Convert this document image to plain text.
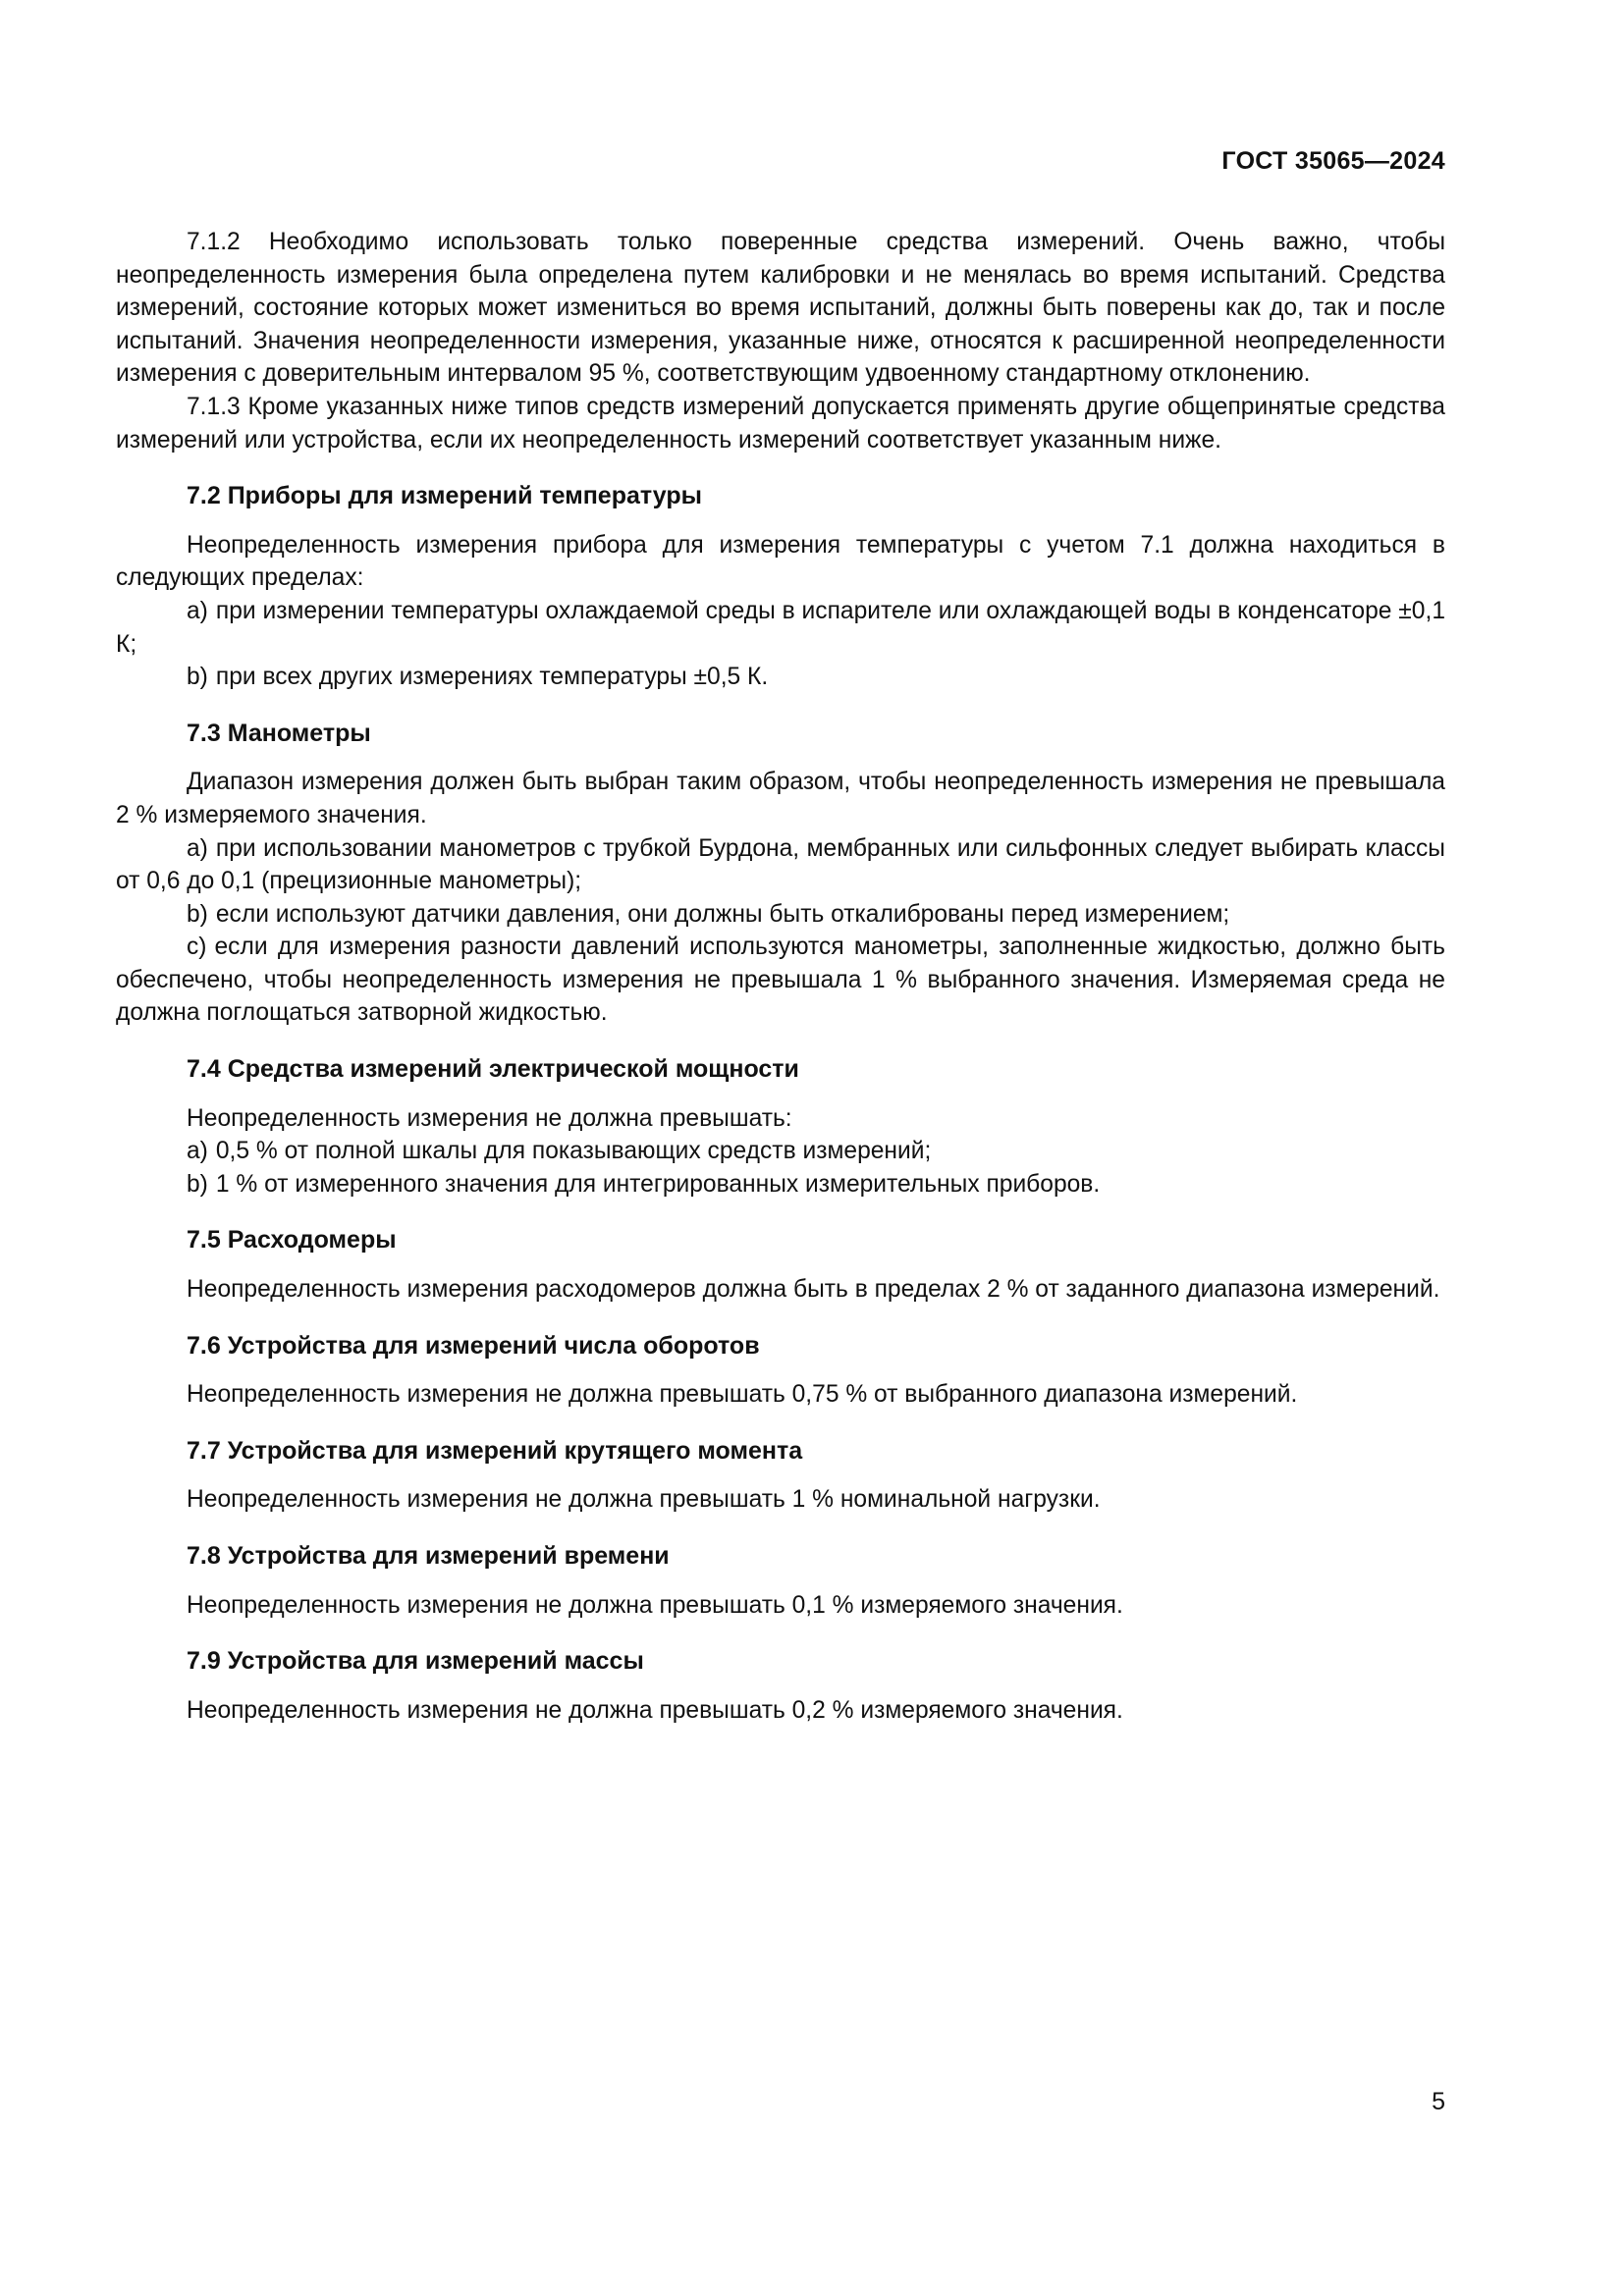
ГОСТ 35065—2024

7.1.2 Необходимо использовать только поверенные средства измерений. Очень важно, чтобы неопределенность измерения была определена путем калибровки и не менялась во время испытаний. Средства измерений, состояние которых может измениться во время испытаний, должны быть поверены как до, так и после испытаний. Значения неопределенности измерения, указанные ниже, относятся к расширенной неопределенности измерения с доверительным интервалом 95 %, соответствующим удвоенному стандартному отклонению.

7.1.3 Кроме указанных ниже типов средств измерений допускается применять другие общепринятые средства измерений или устройства, если их неопределенность измерений соответствует указанным ниже.

7.2 Приборы для измерений температуры

Неопределенность измерения прибора для измерения температуры с учетом 7.1 должна находиться в следующих пределах:

а) при измерении температуры охлаждаемой среды в испарителе или охлаждающей воды в конденсаторе ±0,1 К;

b) при всех других измерениях температуры ±0,5 К.

7.3 Манометры

Диапазон измерения должен быть выбран таким образом, чтобы неопределенность измерения не превышала 2 % измеряемого значения.

а) при использовании манометров с трубкой Бурдона, мембранных или сильфонных следует выбирать классы от 0,6 до 0,1 (прецизионные манометры);

b) если используют датчики давления, они должны быть откалиброваны перед измерением;

с) если для измерения разности давлений используются манометры, заполненные жидкостью, должно быть обеспечено, чтобы неопределенность измерения не превышала 1 % выбранного значения. Измеряемая среда не должна поглощаться затворной жидкостью.

7.4 Средства измерений электрической мощности

Неопределенность измерения не должна превышать:

а) 0,5 % от полной шкалы для показывающих средств измерений;

b) 1 % от измеренного значения для интегрированных измерительных приборов.

7.5 Расходомеры

Неопределенность измерения расходомеров должна быть в пределах 2 % от заданного диапазона измерений.

7.6 Устройства для измерений числа оборотов

Неопределенность измерения не должна превышать 0,75 % от выбранного диапазона измерений.

7.7 Устройства для измерений крутящего момента

Неопределенность измерения не должна превышать 1 % номинальной нагрузки.

7.8 Устройства для измерений времени

Неопределенность измерения не должна превышать 0,1 % измеряемого значения.

7.9 Устройства для измерений массы

Неопределенность измерения не должна превышать 0,2 % измеряемого значения.

5
